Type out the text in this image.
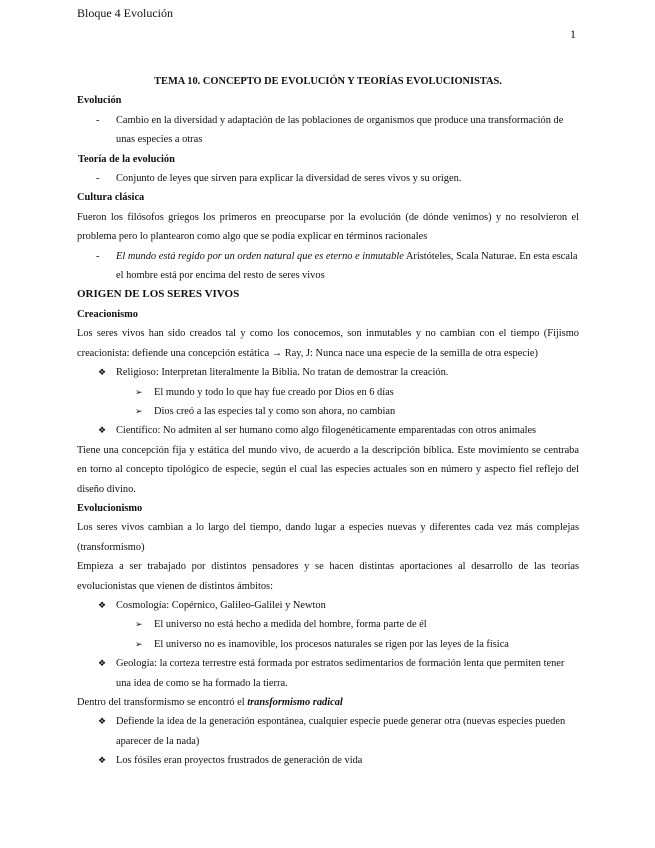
Bloque 4 Evolución
1

TEMA 10. CONCEPTO DE EVOLUCIÓN Y TEORÍAS EVOLUCIONISTAS.

Evolución

- Cambio en la diversidad y adaptación de las poblaciones de organismos que produce una transformación de unas especies a otras

Teoría de la evolución

- Conjunto de leyes que sirven para explicar la diversidad de seres vivos y su origen.

Cultura clásica

Fueron los filósofos griegos los primeros en preocuparse por la evolución (de dónde venimos) y no resolvieron el problema pero lo plantearon como algo que se podía explicar en términos racionales

- El mundo está regido por un orden natural que es eterno e inmutable Aristóteles, Scala Naturae. En esta escala el hombre está por encima del resto de seres vivos

ORIGEN DE LOS SERES VIVOS

Creacionismo

Los seres vivos han sido creados tal y como los conocemos, son inmutables y no cambian con el tiempo (Fijismo creacionista: defiende una concepción estática → Ray, J: Nunca nace una especie de la semilla de otra especie)

❖ Religioso: Interpretan literalmente la Biblia. No tratan de demostrar la creación.

➢ El mundo y todo lo que hay fue creado por Dios en 6 días

➢ Dios creó a las especies tal y como son ahora, no cambian

❖ Científico: No admiten al ser humano como algo filogenéticamente emparentadas con otros animales

Tiene una concepción fija y estática del mundo vivo, de acuerdo a la descripción bíblica. Este movimiento se centraba en torno al concepto tipológico de especie, según el cual las especies actuales son en número y aspecto fiel reflejo del diseño divino.

Evolucionismo

Los seres vivos cambian a lo largo del tiempo, dando lugar a especies nuevas y diferentes cada vez más complejas (transformismo)

Empieza a ser trabajado por distintos pensadores y se hacen distintas aportaciones al desarrollo de las teorías evolucionistas que vienen de distintos ámbitos:

❖ Cosmología: Copérnico, Galileo-Galilei y Newton

➢ El universo no está hecho a medida del hombre, forma parte de él

➢ El universo no es inamovible, los procesos naturales se rigen por las leyes de la física

❖ Geología: la corteza terrestre está formada por estratos sedimentarios de formación lenta que permiten tener una idea de como se ha formado la tierra.

Dentro del transformismo se encontró el transformismo radical

❖ Defiende la idea de la generación espontánea, cualquier especie puede generar otra (nuevas especies pueden aparecer de la nada)

❖ Los fósiles eran proyectos frustrados de generación de vida
